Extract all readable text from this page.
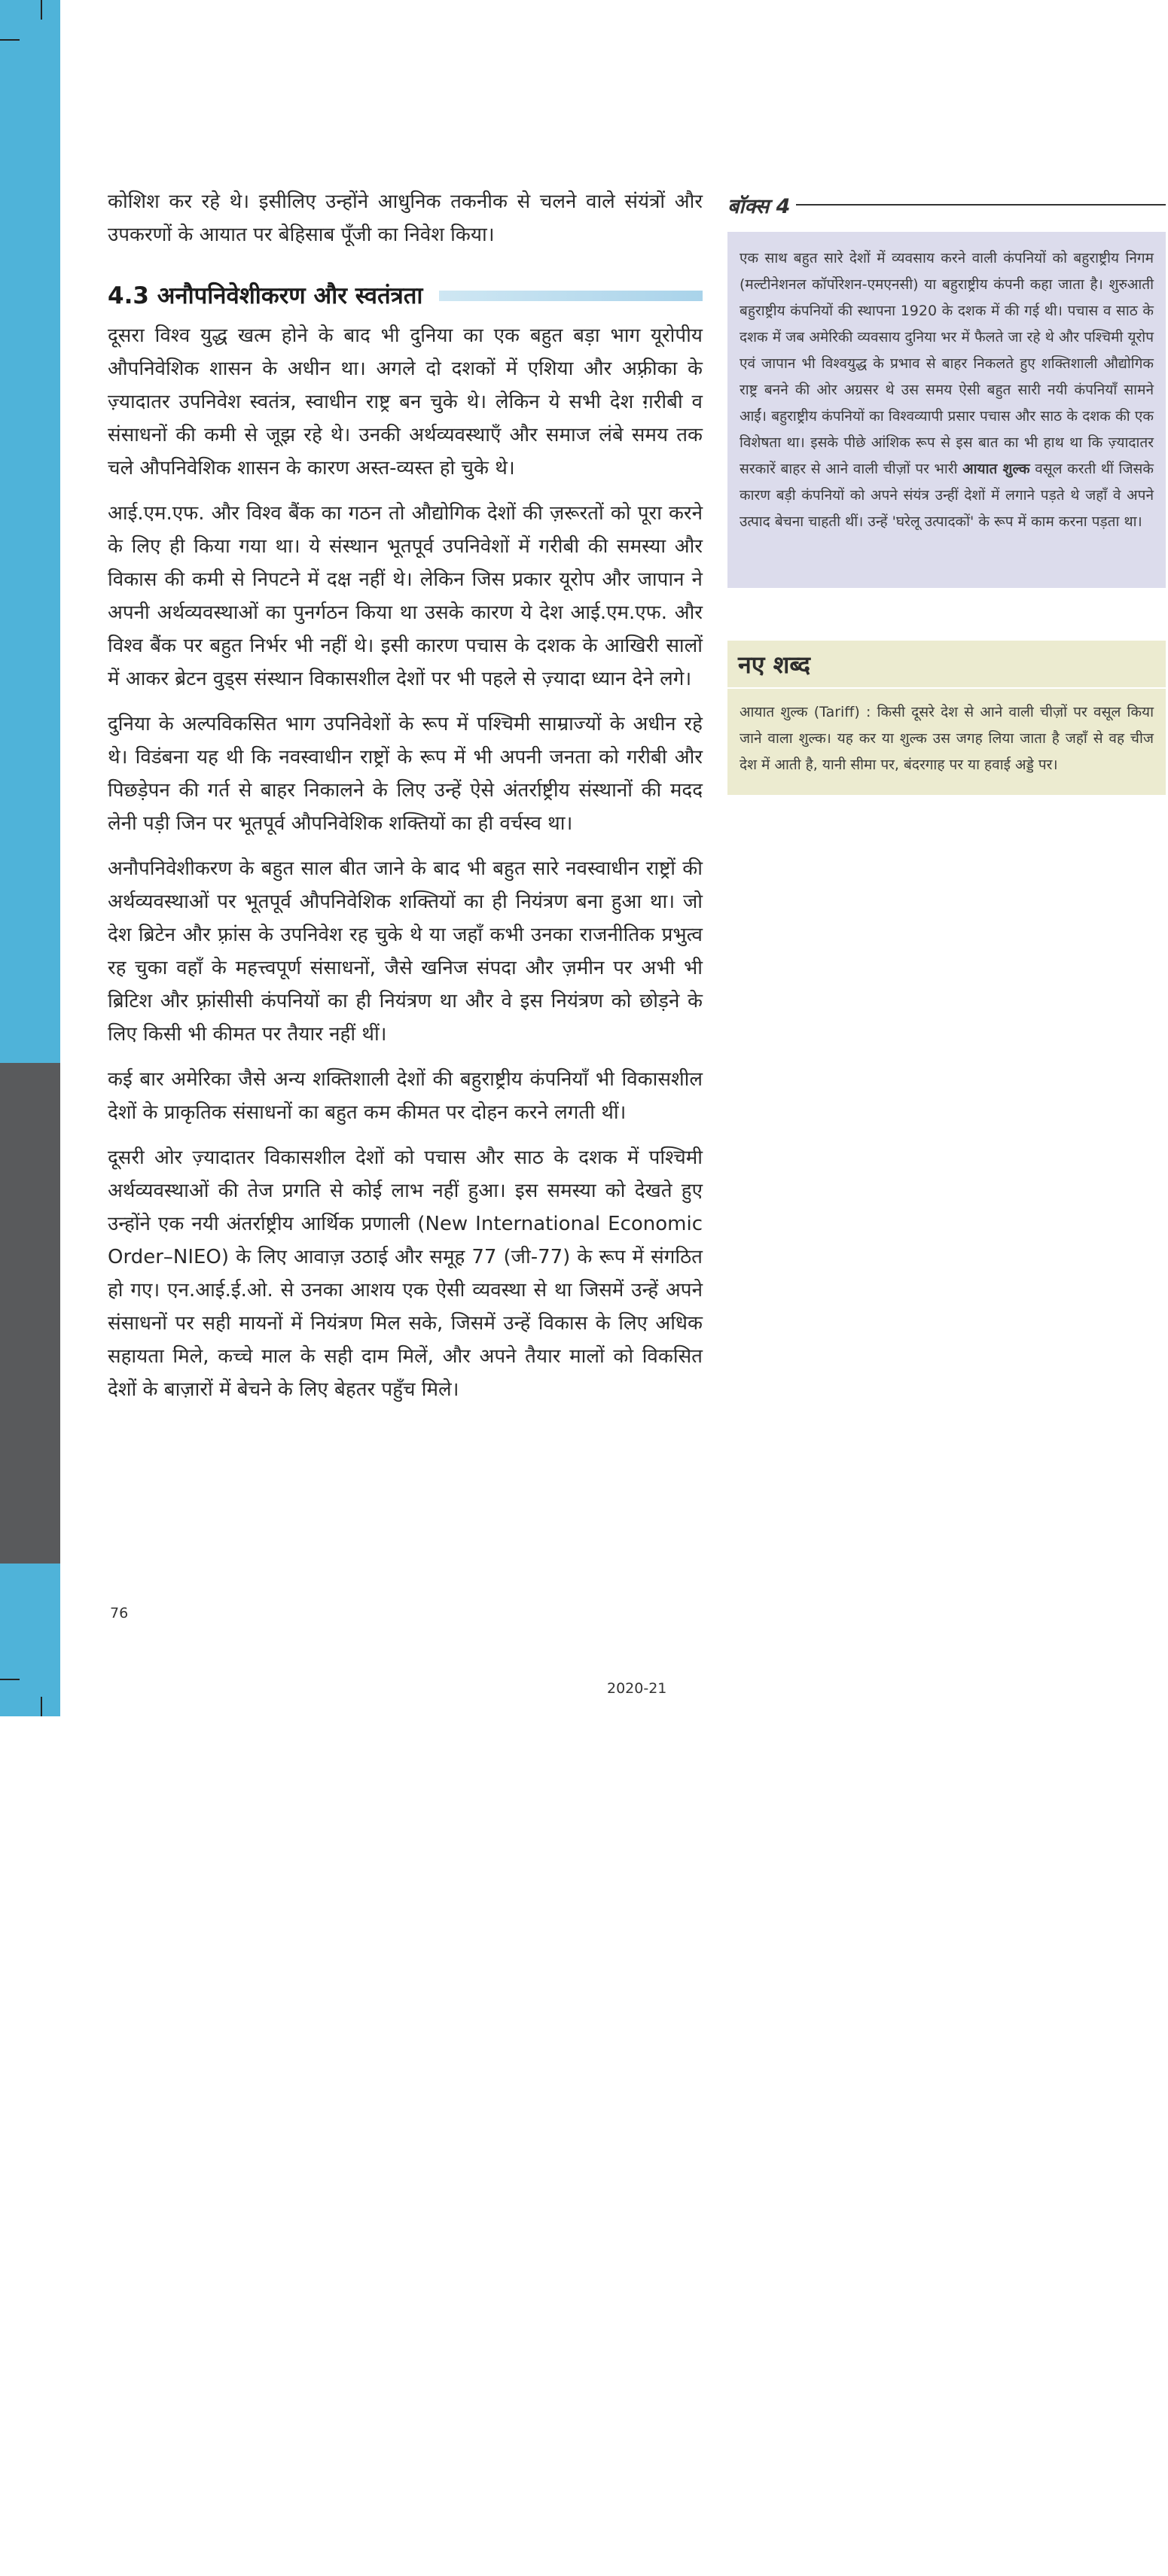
भारत और समकालीन विश्व

कोशिश कर रहे थे। इसीलिए उन्होंने आधुनिक तकनीक से चलने वाले संयंत्रों और उपकरणों के आयात पर बेहिसाब पूँजी का निवेश किया।

4.3 अनौपनिवेशीकरण और स्वतंत्रता

दूसरा विश्व युद्ध खत्म होने के बाद भी दुनिया का एक बहुत बड़ा भाग यूरोपीय औपनिवेशिक शासन के अधीन था। अगले दो दशकों में एशिया और अफ़्रीका के ज़्यादातर उपनिवेश स्वतंत्र, स्वाधीन राष्ट्र बन चुके थे। लेकिन ये सभी देश ग़रीबी व संसाधनों की कमी से जूझ रहे थे। उनकी अर्थव्यवस्थाएँ और समाज लंबे समय तक चले औपनिवेशिक शासन के कारण अस्त-व्यस्त हो चुके थे।

आई.एम.एफ. और विश्व बैंक का गठन तो औद्योगिक देशों की ज़रूरतों को पूरा करने के लिए ही किया गया था। ये संस्थान भूतपूर्व उपनिवेशों में गरीबी की समस्या और विकास की कमी से निपटने में दक्ष नहीं थे। लेकिन जिस प्रकार यूरोप और जापान ने अपनी अर्थव्यवस्थाओं का पुनर्गठन किया था उसके कारण ये देश आई.एम.एफ. और विश्व बैंक पर बहुत निर्भर भी नहीं थे। इसी कारण पचास के दशक के आखिरी सालों में आकर ब्रेटन वुड्स संस्थान विकासशील देशों पर भी पहले से ज़्यादा ध्यान देने लगे।

दुनिया के अल्पविकसित भाग उपनिवेशों के रूप में पश्चिमी साम्राज्यों के अधीन रहे थे। विडंबना यह थी कि नवस्वाधीन राष्ट्रों के रूप में भी अपनी जनता को गरीबी और पिछड़ेपन की गर्त से बाहर निकालने के लिए उन्हें ऐसे अंतर्राष्ट्रीय संस्थानों की मदद लेनी पड़ी जिन पर भूतपूर्व औपनिवेशिक शक्तियों का ही वर्चस्व था।

अनौपनिवेशीकरण के बहुत साल बीत जाने के बाद भी बहुत सारे नवस्वाधीन राष्ट्रों की अर्थव्यवस्थाओं पर भूतपूर्व औपनिवेशिक शक्तियों का ही नियंत्रण बना हुआ था। जो देश ब्रिटेन और फ़्रांस के उपनिवेश रह चुके थे या जहाँ कभी उनका राजनीतिक प्रभुत्व रह चुका वहाँ के महत्त्वपूर्ण संसाधनों, जैसे खनिज संपदा और ज़मीन पर अभी भी ब्रिटिश और फ़्रांसीसी कंपनियों का ही नियंत्रण था और वे इस नियंत्रण को छोड़ने के लिए किसी भी कीमत पर तैयार नहीं थीं।

कई बार अमेरिका जैसे अन्य शक्तिशाली देशों की बहुराष्ट्रीय कंपनियाँ भी विकासशील देशों के प्राकृतिक संसाधनों का बहुत कम कीमत पर दोहन करने लगती थीं।

दूसरी ओर ज़्यादातर विकासशील देशों को पचास और साठ के दशक में पश्चिमी अर्थव्यवस्थाओं की तेज प्रगति से कोई लाभ नहीं हुआ। इस समस्या को देखते हुए उन्होंने एक नयी अंतर्राष्ट्रीय आर्थिक प्रणाली (New International Economic Order–NIEO) के लिए आवाज़ उठाई और समूह 77 (जी-77) के रूप में संगठित हो गए। एन.आई.ई.ओ. से उनका आशय एक ऐसी व्यवस्था से था जिसमें उन्हें अपने संसाधनों पर सही मायनों में नियंत्रण मिल सके, जिसमें उन्हें विकास के लिए अधिक सहायता मिले, कच्चे माल के सही दाम मिलें, और अपने तैयार मालों को विकसित देशों के बाज़ारों में बेचने के लिए बेहतर पहुँच मिले।

बॉक्स 4
एक साथ बहुत सारे देशों में व्यवसाय करने वाली कंपनियों को बहुराष्ट्रीय निगम (मल्टीनेशनल कॉर्पोरेशन-एमएनसी) या बहुराष्ट्रीय कंपनी कहा जाता है। शुरुआती बहुराष्ट्रीय कंपनियों की स्थापना 1920 के दशक में की गई थी। पचास व साठ के दशक में जब अमेरिकी व्यवसाय दुनिया भर में फैलते जा रहे थे और पश्चिमी यूरोप एवं जापान भी विश्वयुद्ध के प्रभाव से बाहर निकलते हुए शक्तिशाली औद्योगिक राष्ट्र बनने की ओर अग्रसर थे उस समय ऐसी बहुत सारी नयी कंपनियाँ सामने आईं। बहुराष्ट्रीय कंपनियों का विश्वव्यापी प्रसार पचास और साठ के दशक की एक विशेषता था। इसके पीछे आंशिक रूप से इस बात का भी हाथ था कि ज़्यादातर सरकारें बाहर से आने वाली चीज़ों पर भारी आयात शुल्क वसूल करती थीं जिसके कारण बड़ी कंपनियों को अपने संयंत्र उन्हीं देशों में लगाने पड़ते थे जहाँ वे अपने उत्पाद बेचना चाहती थीं। उन्हें 'घरेलू उत्पादकों' के रूप में काम करना पड़ता था।
नए शब्द
आयात शुल्क (Tariff) : किसी दूसरे देश से आने वाली चीज़ों पर वसूल किया जाने वाला शुल्क। यह कर या शुल्क उस जगह लिया जाता है जहाँ से वह चीज देश में आती है, यानी सीमा पर, बंदरगाह पर या हवाई अड्डे पर।
76
2020-21
